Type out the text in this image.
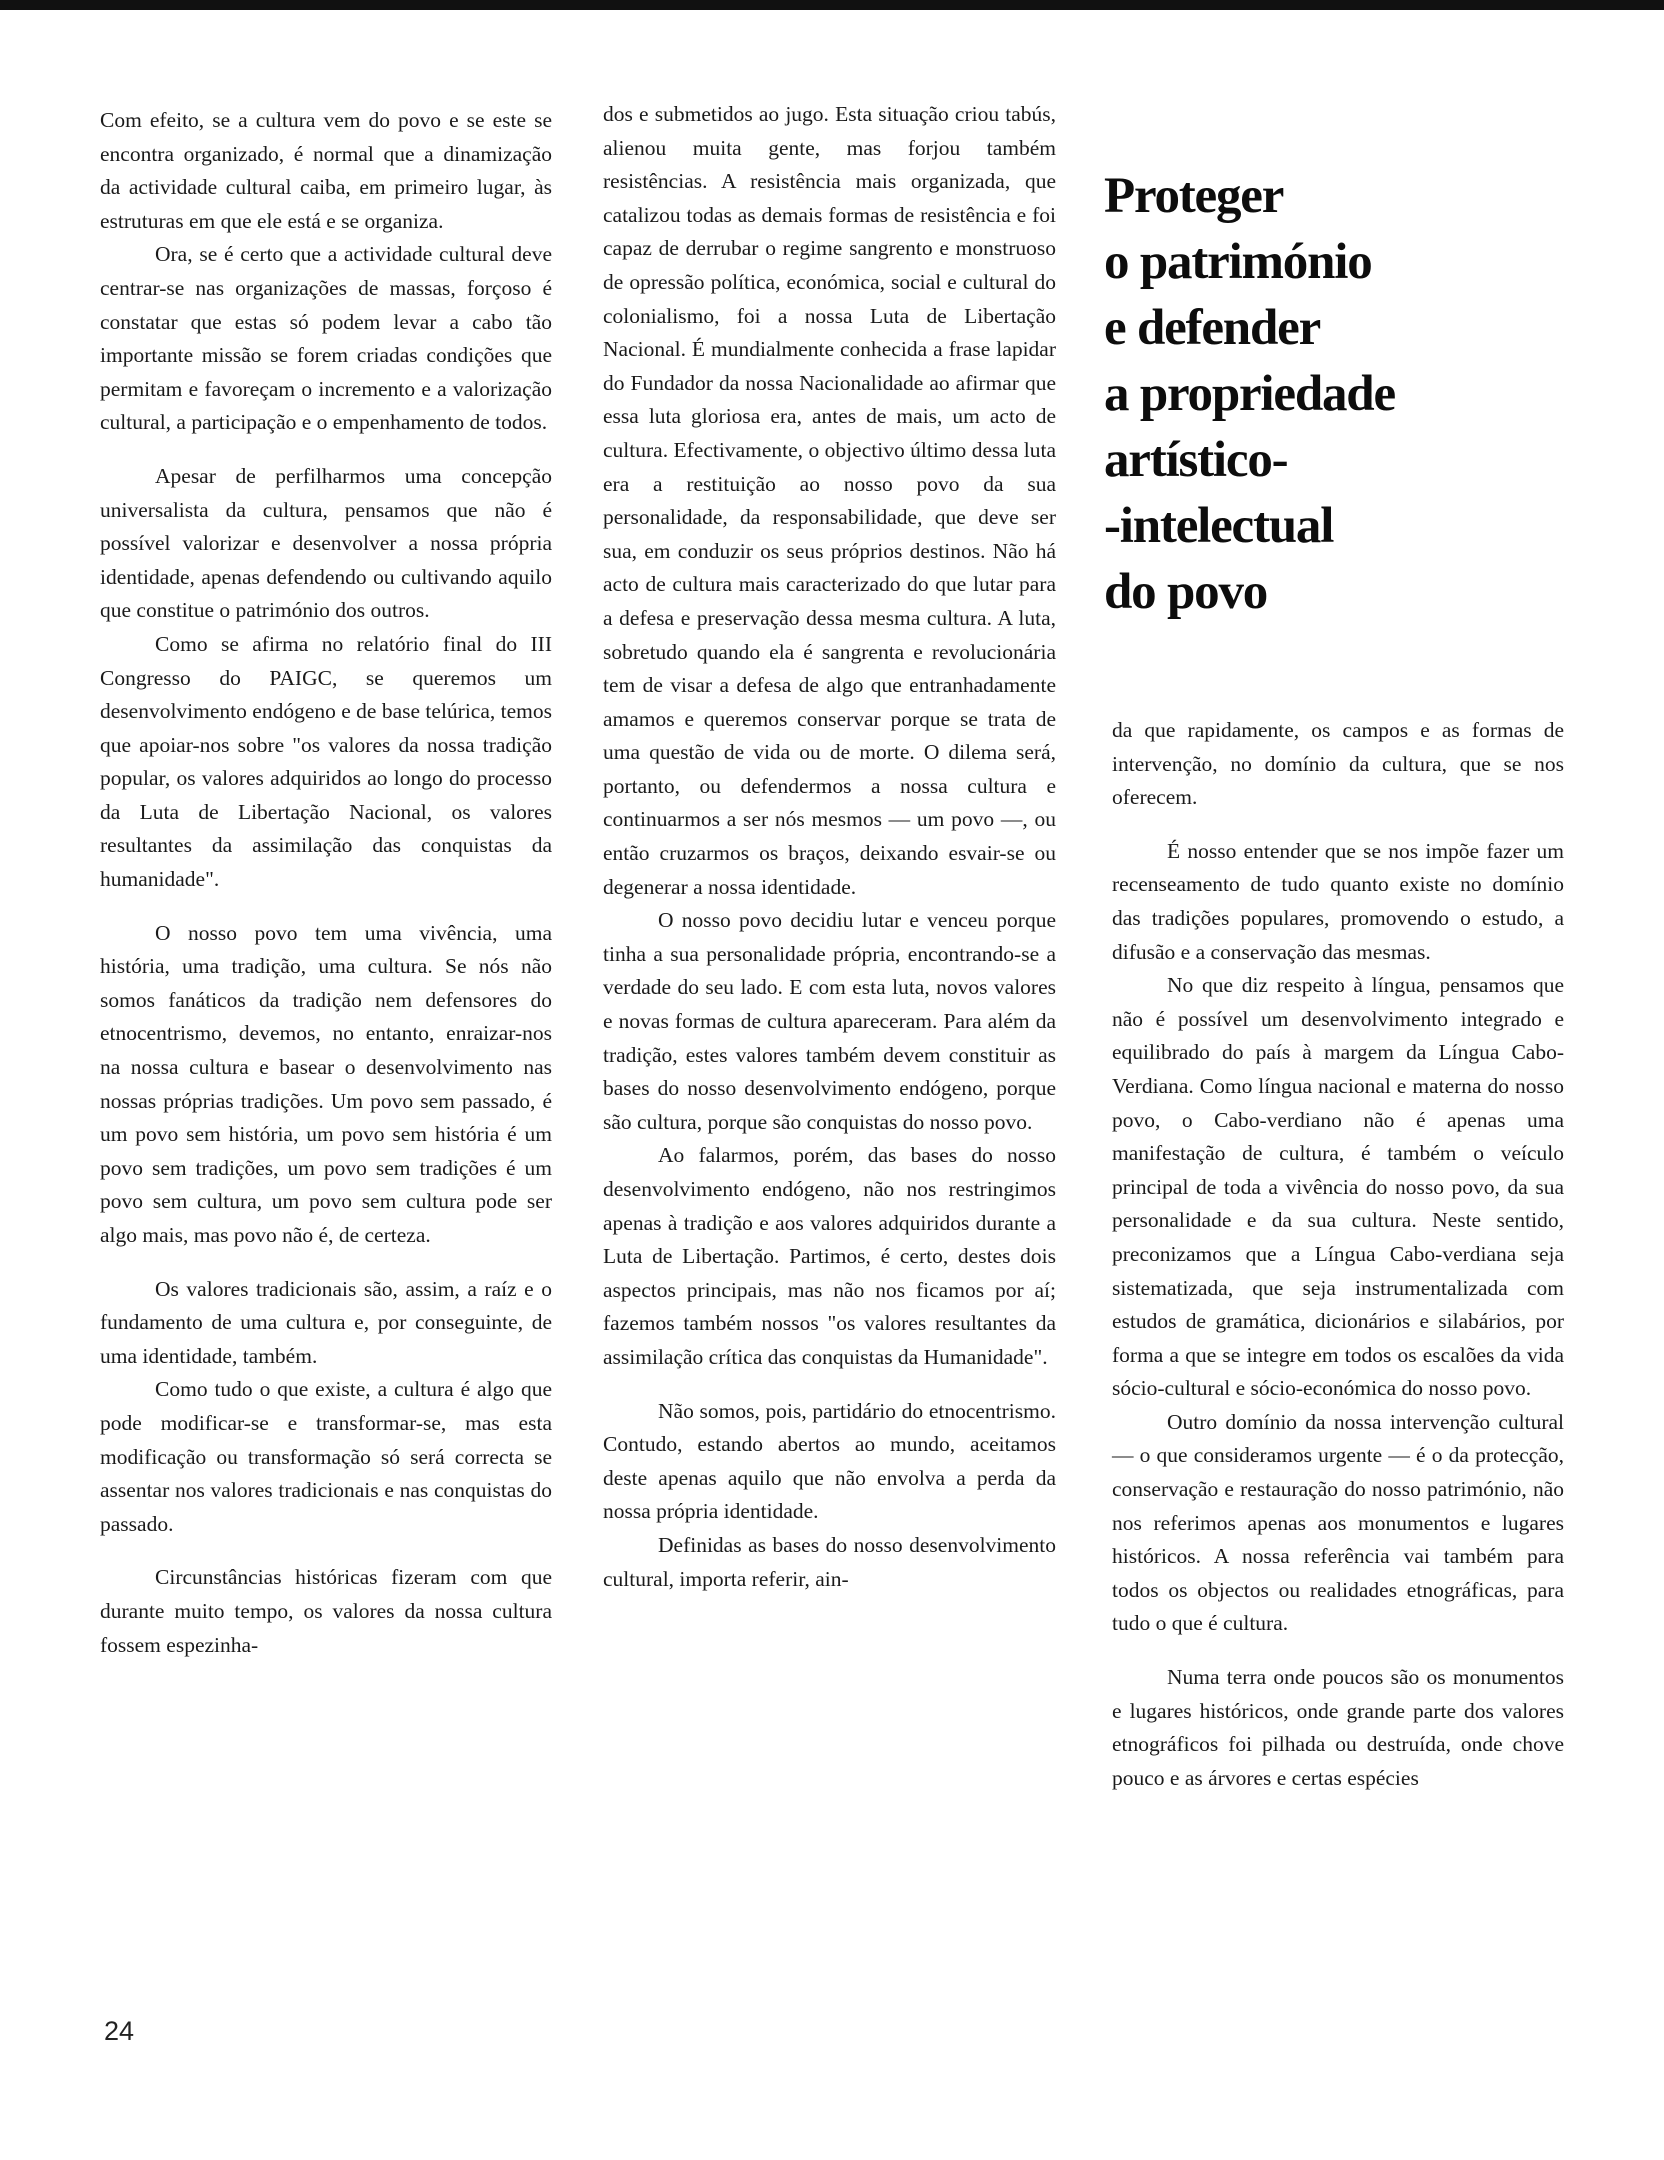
Com efeito, se a cultura vem do povo e se este se encontra organizado, é normal que a dinamização da actividade cultural caiba, em primeiro lugar, às estruturas em que ele está e se organiza.

Ora, se é certo que a actividade cultural deve centrar-se nas organizações de massas, forçoso é constatar que estas só podem levar a cabo tão importante missão se forem criadas condições que permitam e favoreçam o incremento e a valorização cultural, a participação e o empenhamento de todos.

Apesar de perfilharmos uma concepção universalista da cultura, pensamos que não é possível valorizar e desenvolver a nossa própria identidade, apenas defendendo ou cultivando aquilo que constitue o património dos outros.

Como se afirma no relatório final do III Congresso do PAIGC, se queremos um desenvolvimento endógeno e de base telúrica, temos que apoiar-nos sobre "os valores da nossa tradição popular, os valores adquiridos ao longo do processo da Luta de Libertação Nacional, os valores resultantes da assimilação das conquistas da humanidade".

O nosso povo tem uma vivência, uma história, uma tradição, uma cultura. Se nós não somos fanáticos da tradição nem defensores do etnocentrismo, devemos, no entanto, enraizar-nos na nossa cultura e basear o desenvolvimento nas nossas próprias tradições. Um povo sem passado, é um povo sem história, um povo sem história é um povo sem tradições, um povo sem tradições é um povo sem cultura, um povo sem cultura pode ser algo mais, mas povo não é, de certeza.

Os valores tradicionais são, assim, a raíz e o fundamento de uma cultura e, por conseguinte, de uma identidade, também.

Como tudo o que existe, a cultura é algo que pode modificar-se e transformar-se, mas esta modificação ou transformação só será correcta se assentar nos valores tradicionais e nas conquistas do passado.

Circunstâncias históricas fizeram com que durante muito tempo, os valores da nossa cultura fossem espezinha-

dos e submetidos ao jugo. Esta situação criou tabús, alienou muita gente, mas forjou também resistências. A resistência mais organizada, que catalizou todas as demais formas de resistência e foi capaz de derrubar o regime sangrento e monstruoso de opressão política, económica, social e cultural do colonialismo, foi a nossa Luta de Libertação Nacional. É mundialmente conhecida a frase lapidar do Fundador da nossa Nacionalidade ao afirmar que essa luta gloriosa era, antes de mais, um acto de cultura. Efectivamente, o objectivo último dessa luta era a restituição ao nosso povo da sua personalidade, da responsabilidade, que deve ser sua, em conduzir os seus próprios destinos. Não há acto de cultura mais caracterizado do que lutar para a defesa e preservação dessa mesma cultura. A luta, sobretudo quando ela é sangrenta e revolucionária tem de visar a defesa de algo que entranhadamente amamos e queremos conservar porque se trata de uma questão de vida ou de morte. O dilema será, portanto, ou defendermos a nossa cultura e continuarmos a ser nós mesmos — um povo —, ou então cruzarmos os braços, deixando esvair-se ou degenerar a nossa identidade.

O nosso povo decidiu lutar e venceu porque tinha a sua personalidade própria, encontrando-se a verdade do seu lado. E com esta luta, novos valores e novas formas de cultura apareceram. Para além da tradição, estes valores também devem constituir as bases do nosso desenvolvimento endógeno, porque são cultura, porque são conquistas do nosso povo.

Ao falarmos, porém, das bases do nosso desenvolvimento endógeno, não nos restringimos apenas à tradição e aos valores adquiridos durante a Luta de Libertação. Partimos, é certo, destes dois aspectos principais, mas não nos ficamos por aí; fazemos também nossos "os valores resultantes da assimilação crítica das conquistas da Humanidade".

Não somos, pois, partidário do etnocentrismo. Contudo, estando abertos ao mundo, aceitamos deste apenas aquilo que não envolva a perda da nossa própria identidade.

Definidas as bases do nosso desenvolvimento cultural, importa referir, ain-

Proteger
o património
e defender
a propriedade
artístico-
-intelectual
do povo

da que rapidamente, os campos e as formas de intervenção, no domínio da cultura, que se nos oferecem.

É nosso entender que se nos impõe fazer um recenseamento de tudo quanto existe no domínio das tradições populares, promovendo o estudo, a difusão e a conservação das mesmas.

No que diz respeito à língua, pensamos que não é possível um desenvolvimento integrado e equilibrado do país à margem da Língua Cabo-Verdiana. Como língua nacional e materna do nosso povo, o Cabo-verdiano não é apenas uma manifestação de cultura, é também o veículo principal de toda a vivência do nosso povo, da sua personalidade e da sua cultura. Neste sentido, preconizamos que a Língua Cabo-verdiana seja sistematizada, que seja instrumentalizada com estudos de gramática, dicionários e silabários, por forma a que se integre em todos os escalões da vida sócio-cultural e sócio-económica do nosso povo.

Outro domínio da nossa intervenção cultural — o que consideramos urgente — é o da protecção, conservação e restauração do nosso património, não nos referimos apenas aos monumentos e lugares históricos. A nossa referência vai também para todos os objectos ou realidades etnográficas, para tudo o que é cultura.

Numa terra onde poucos são os monumentos e lugares históricos, onde grande parte dos valores etnográficos foi pilhada ou destruída, onde chove pouco e as árvores e certas espécies

24
